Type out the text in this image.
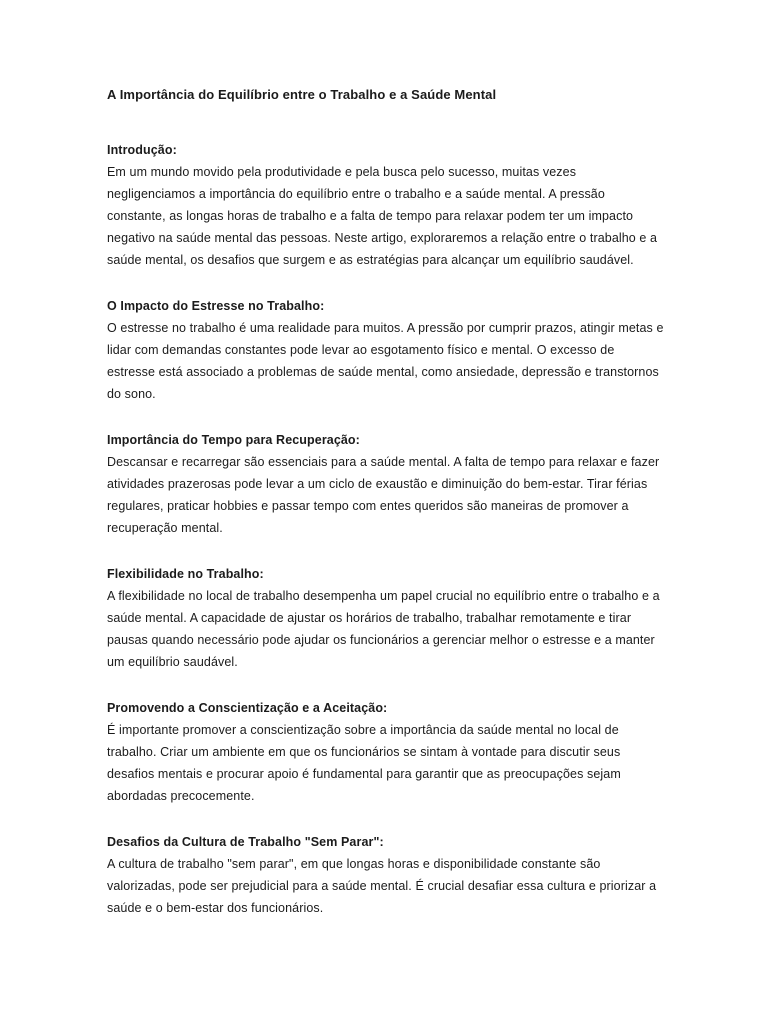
A Importância do Equilíbrio entre o Trabalho e a Saúde Mental
Introdução:

Em um mundo movido pela produtividade e pela busca pelo sucesso, muitas vezes negligenciamos a importância do equilíbrio entre o trabalho e a saúde mental. A pressão constante, as longas horas de trabalho e a falta de tempo para relaxar podem ter um impacto negativo na saúde mental das pessoas. Neste artigo, exploraremos a relação entre o trabalho e a saúde mental, os desafios que surgem e as estratégias para alcançar um equilíbrio saudável.

O Impacto do Estresse no Trabalho:

O estresse no trabalho é uma realidade para muitos. A pressão por cumprir prazos, atingir metas e lidar com demandas constantes pode levar ao esgotamento físico e mental. O excesso de estresse está associado a problemas de saúde mental, como ansiedade, depressão e transtornos do sono.

Importância do Tempo para Recuperação:

Descansar e recarregar são essenciais para a saúde mental. A falta de tempo para relaxar e fazer atividades prazerosas pode levar a um ciclo de exaustão e diminuição do bem-estar. Tirar férias regulares, praticar hobbies e passar tempo com entes queridos são maneiras de promover a recuperação mental.

Flexibilidade no Trabalho:

A flexibilidade no local de trabalho desempenha um papel crucial no equilíbrio entre o trabalho e a saúde mental. A capacidade de ajustar os horários de trabalho, trabalhar remotamente e tirar pausas quando necessário pode ajudar os funcionários a gerenciar melhor o estresse e a manter um equilíbrio saudável.

Promovendo a Conscientização e a Aceitação:

É importante promover a conscientização sobre a importância da saúde mental no local de trabalho. Criar um ambiente em que os funcionários se sintam à vontade para discutir seus desafios mentais e procurar apoio é fundamental para garantir que as preocupações sejam abordadas precocemente.

Desafios da Cultura de Trabalho "Sem Parar":

A cultura de trabalho "sem parar", em que longas horas e disponibilidade constante são valorizadas, pode ser prejudicial para a saúde mental. É crucial desafiar essa cultura e priorizar a saúde e o bem-estar dos funcionários.
